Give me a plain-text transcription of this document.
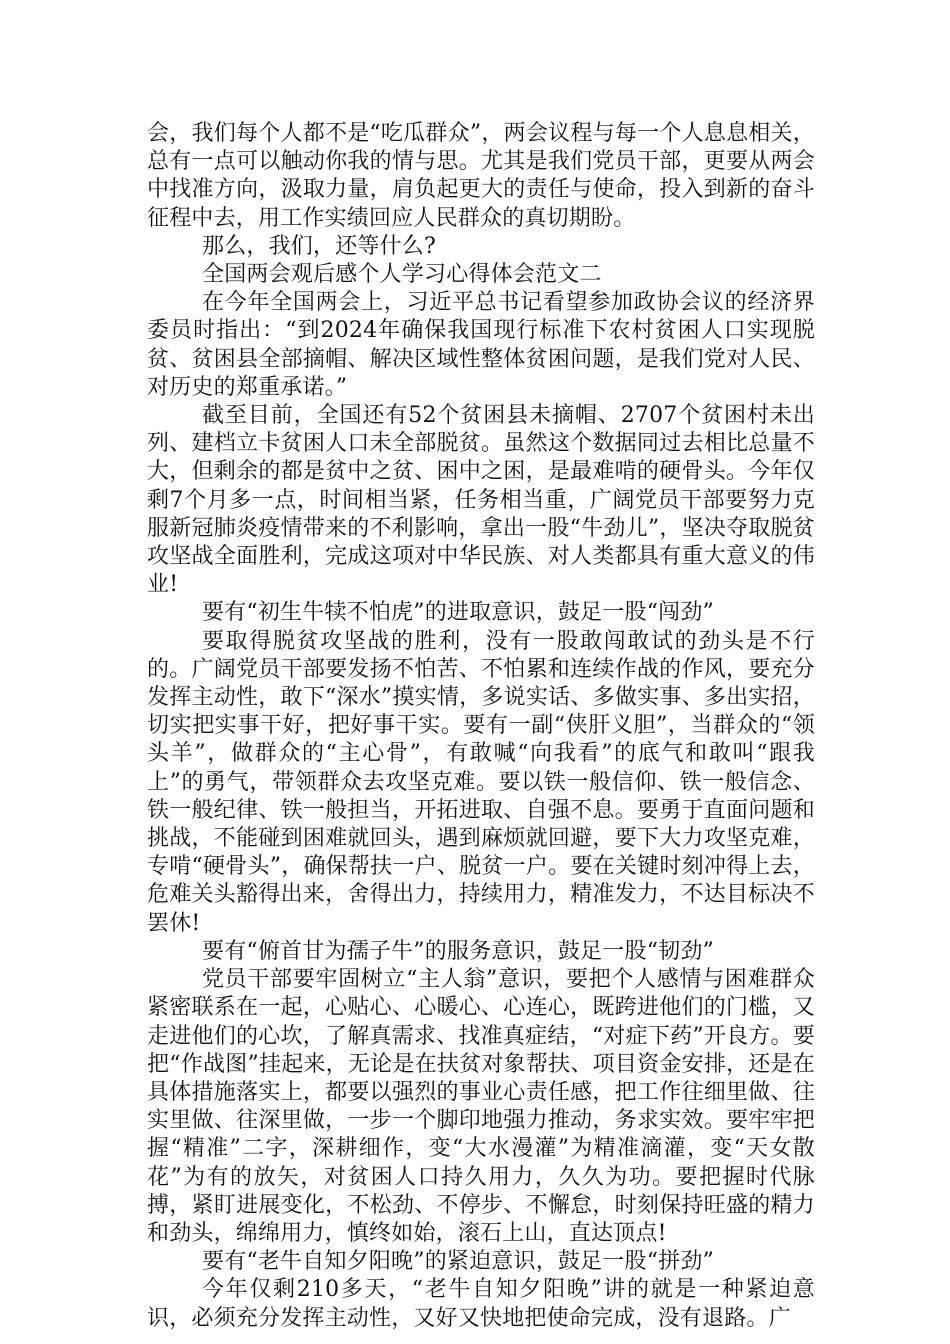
会，我们每个人都不是“吃瓜群众”，两会议程与每一个人息息相关，总有一点可以触动你我的情与思。尤其是我们党员干部，更要从两会中找准方向，汲取力量，肩负起更大的责任与使命，投入到新的奋斗征程中去，用工作实绩回应人民群众的真切期盼。

那么，我们，还等什么?

全国两会观后感个人学习心得体会范文二

在今年全国两会上，习近平总书记看望参加政协会议的经济界委员时指出：“到2024年确保我国现行标准下农村贫困人口实现脱贫、贫困县全部摘帽、解决区域性整体贫困问题，是我们党对人民、对历史的郑重承诺。”

截至目前，全国还有52个贫困县未摘帽、2707个贫困村未出列、建档立卡贫困人口未全部脱贫。虽然这个数据同过去相比总量不大，但剩余的都是贫中之贫、困中之困，是最难啃的硬骨头。今年仅剩7个月多一点，时间相当紧，任务相当重，广阔党员干部要努力克服新冠肺炎疫情带来的不利影响，拿出一股“牛劲儿”，坚决夺取脱贫攻坚战全面胜利，完成这项对中华民族、对人类都具有重大意义的伟业!

要有“初生牛犊不怕虎”的进取意识，鼓足一股“闯劲”

要取得脱贫攻坚战的胜利，没有一股敢闯敢试的劲头是不行的。广阔党员干部要发扬不怕苦、不怕累和连续作战的作风，要充分发挥主动性，敢下“深水”摸实情，多说实话、多做实事、多出实招，切实把实事干好，把好事干实。要有一副“侠肝义胆”，当群众的“领头羊”，做群众的“主心骨”，有敢喊“向我看”的底气和敢叫“跟我上”的勇气，带领群众去攻坚克难。要以铁一般信仰、铁一般信念、铁一般纪律、铁一般担当，开拓进取、自强不息。要勇于直面问题和挑战，不能碰到困难就回头，遇到麻烦就回避，要下大力攻坚克难，专啃“硬骨头”，确保帮扶一户、脱贫一户。要在关键时刻冲得上去，危难关头豁得出来，舍得出力，持续用力，精准发力，不达目标决不罢休!

要有“俯首甘为孺子牛”的服务意识，鼓足一股“韧劲”

党员干部要牢固树立“主人翁”意识，要把个人感情与困难群众紧密联系在一起，心贴心、心暖心、心连心，既跨进他们的门槛，又走进他们的心坎，了解真需求、找准真症结，“对症下药”开良方。要把“作战图”挂起来，无论是在扶贫对象帮扶、项目资金安排，还是在具体措施落实上，都要以强烈的事业心责任感，把工作往细里做、往实里做、往深里做，一步一个脚印地强力推动，务求实效。要牢牢把握“精准”二字，深耕细作，变“大水漫灌”为精准滴灌，变“天女散花”为有的放矢，对贫困人口持久用力，久久为功。要把握时代脉搏，紧盯进展变化，不松劲、不停步、不懈怠，时刻保持旺盛的精力和劲头，绵绵用力，慎终如始，滚石上山，直达顶点!

要有“老牛自知夕阳晚”的紧迫意识，鼓足一股“拼劲”

今年仅剩210多天，“老牛自知夕阳晚”讲的就是一种紧迫意识，必须充分发挥主动性，又好又快地把使命完成，没有退路。广
